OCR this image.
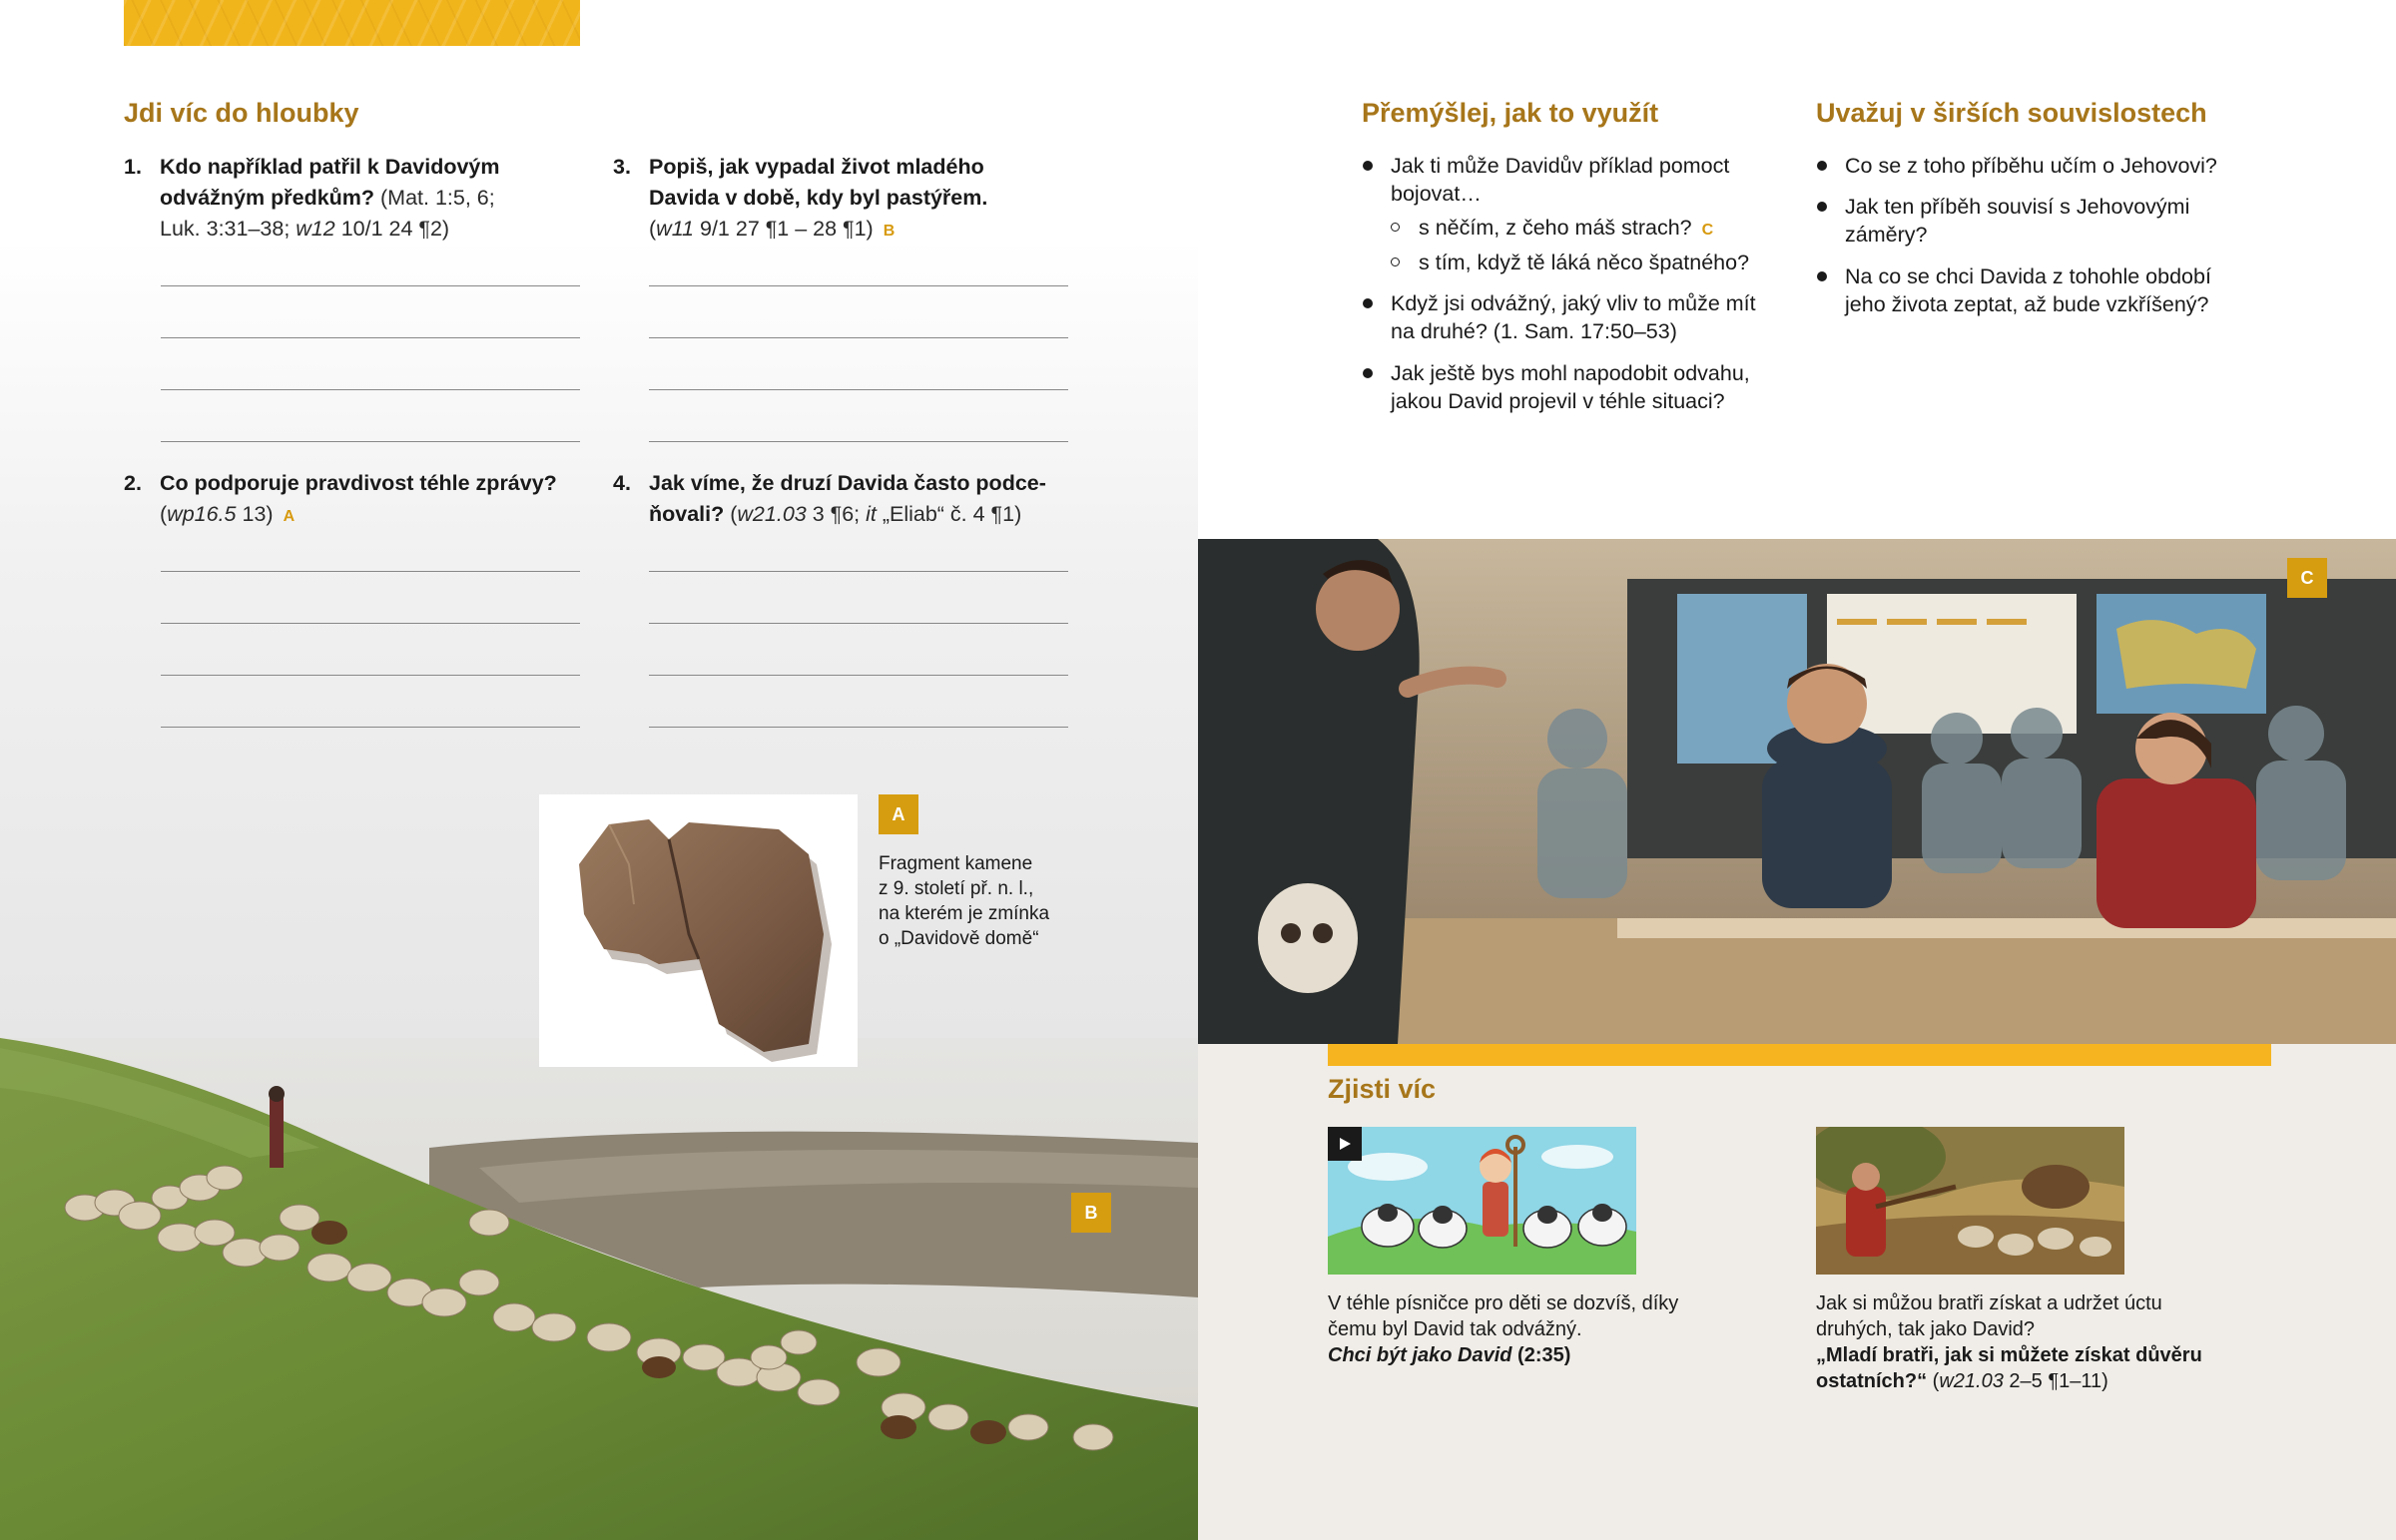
Jdi víc do hloubky
1. Kdo například patřil k Davidovým
odvážným předkům? (Mat. 1:5, 6;
Luk. 3:31–38; w12 10/1 24 ¶2)
2. Co podporuje pravdivost téhle zprávy?
(wp16.5 13) A
3. Popiš, jak vypadal život mladého
Davida v době, kdy byl pastýřem.
(w11 9/1 27 ¶1 – 28 ¶1) B
4. Jak víme, že druzí Davida často podce-
ňovali? (w21.03 3 ¶6; it „Eliab“ č. 4 ¶1)
A
Fragment kamene
z 9. století př. n. l.,
na kterém je zmínka
o „Davidově domě“
B
Přemýšlej, jak to využít
Jak ti může Davidův příklad pomoct
bojovat…
s něčím, z čeho máš strach? C
s tím, když tě láká něco špatného?
Když jsi odvážný, jaký vliv to může mít
na druhé? (1. Sam. 17:50–53)
Jak ještě bys mohl napodobit odvahu,
jakou David projevil v téhle situaci?
Uvažuj v širších souvislostech
Co se z toho příběhu učím o Jehovovi?
Jak ten příběh souvisí s Jehovovými
záměry?
Na co se chci Davida z tohohle období
jeho života zeptat, až bude vzkříšený?
C
Zjisti víc
V téhle písničce pro děti se dozvíš, díky
čemu byl David tak odvážný.
Chci být jako David (2:35)
Jak si můžou bratři získat a udržet úctu
druhých, tak jako David?
„Mladí bratři, jak si můžete získat důvěru
ostatních?“ (w21.03 2–5 ¶1–11)
